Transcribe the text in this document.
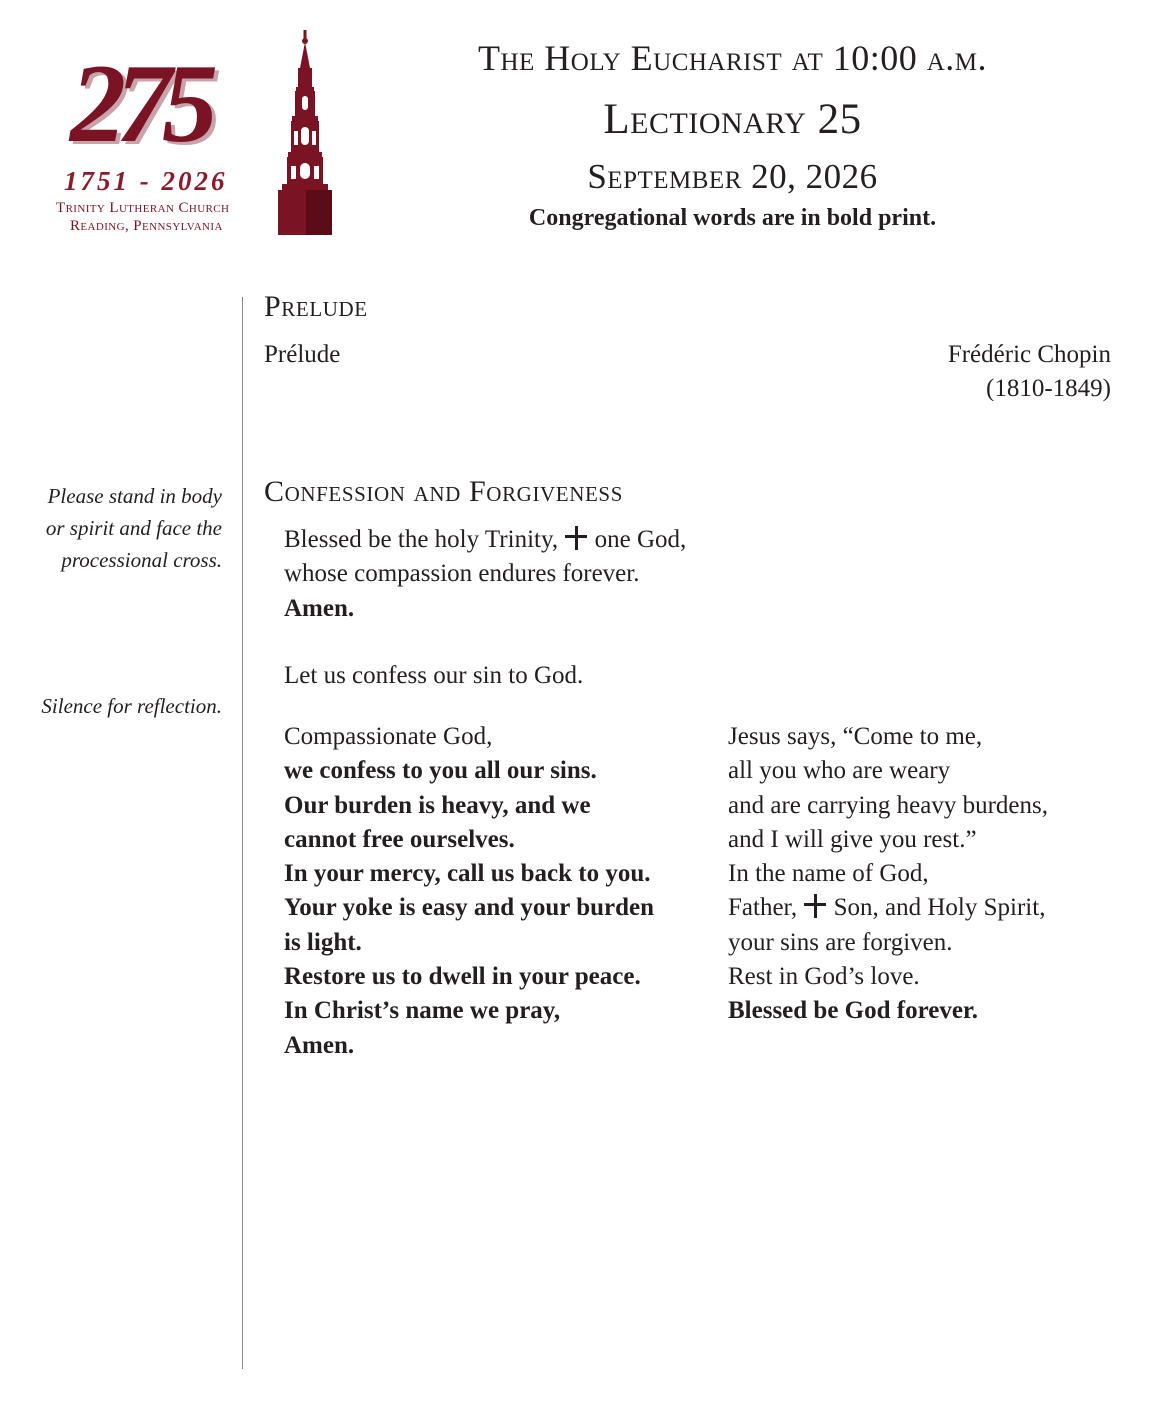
275
1751 - 2026
Trinity Lutheran Church
Reading, Pennsylvania
The Holy Eucharist at 10:00 a.m.
Lectionary 25
September 20, 2026
Congregational words are in bold print.
Prelude
Prélude	Frédéric Chopin
(1810-1849)
Confession and Forgiveness
Please stand in body
or spirit and face the
processional cross.
Silence for reflection.
Blessed be the holy Trinity, one God,
whose compassion endures forever.
Amen.
Let us confess our sin to God.
Compassionate God,
we confess to you all our sins.
Our burden is heavy, and we
cannot free ourselves.
In your mercy, call us back to you.
Your yoke is easy and your burden
is light.
Restore us to dwell in your peace.
In Christ’s name we pray,
Amen.
Jesus says, “Come to me,
all you who are weary
and are carrying heavy burdens,
and I will give you rest.”
In the name of God,
Father, Son, and Holy Spirit,
your sins are forgiven.
Rest in God’s love.
Blessed be God forever.
